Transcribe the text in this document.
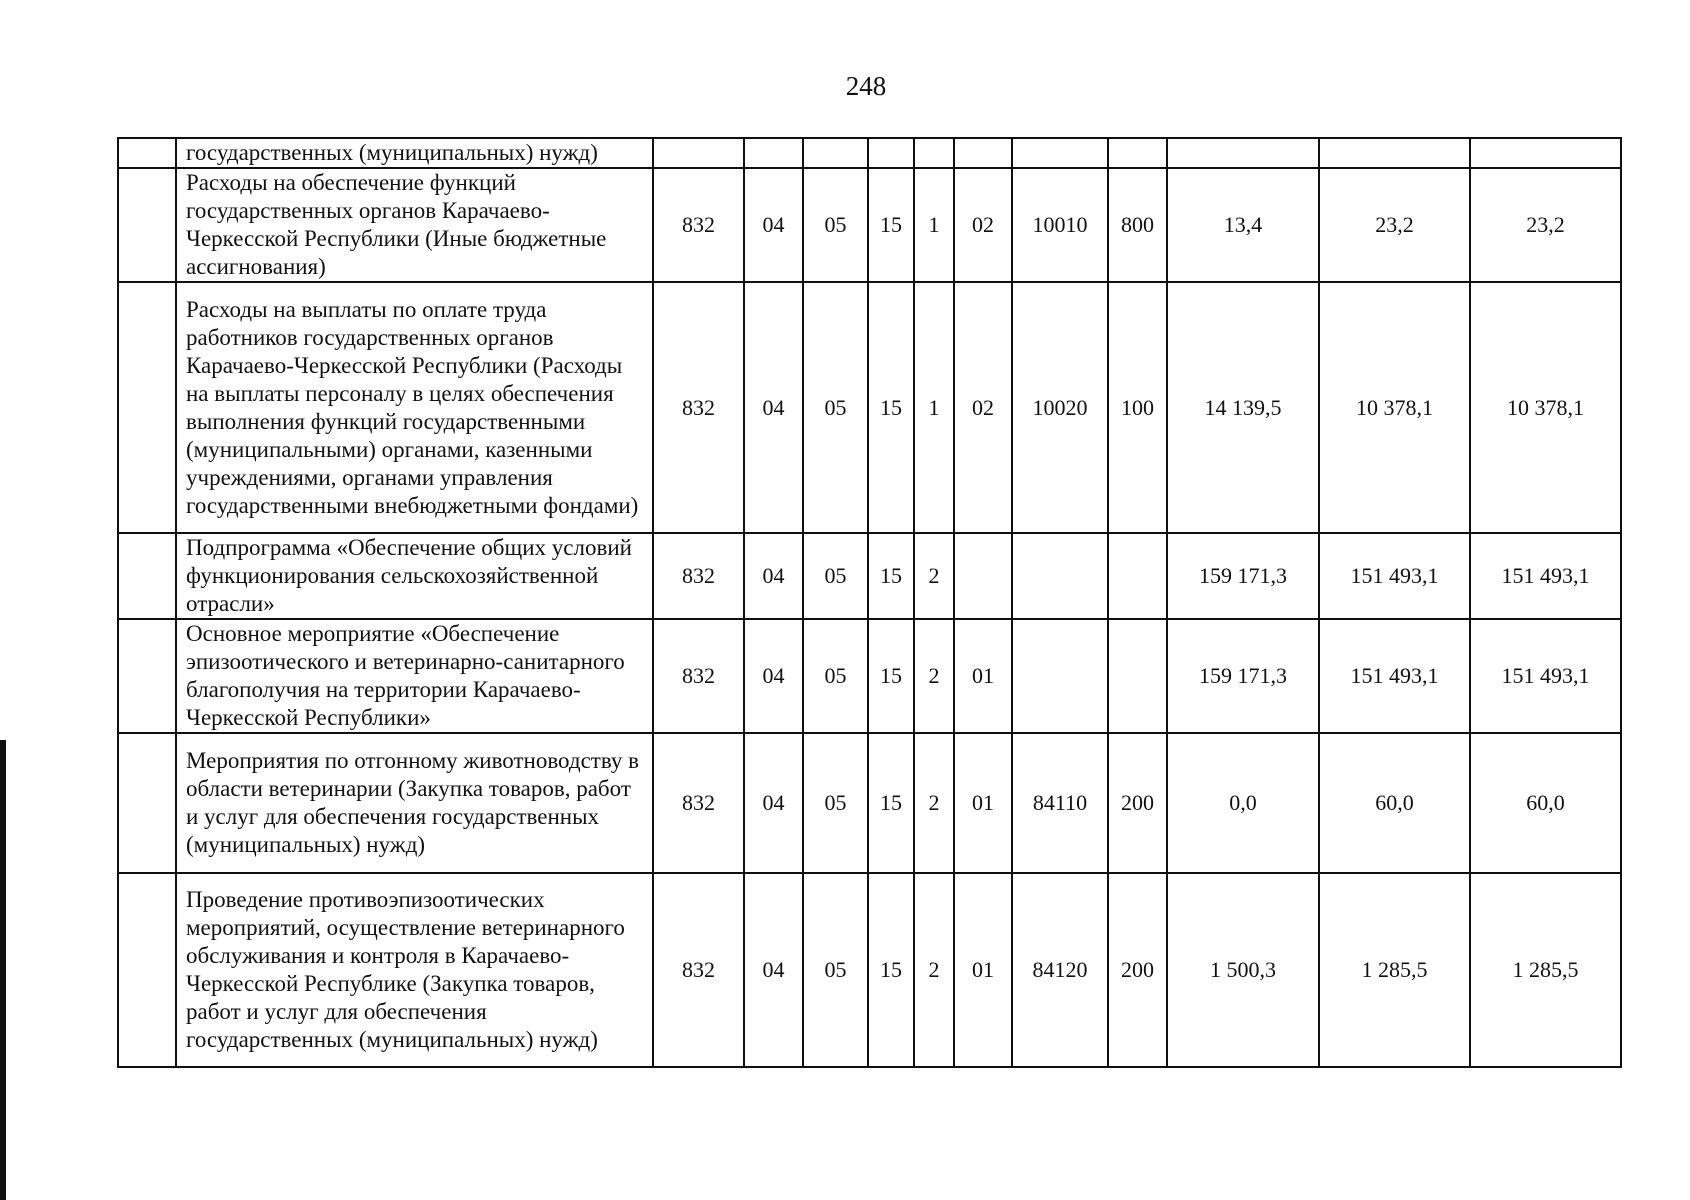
248
	государственных (муниципальных) нужд)											
	Расходы на обеспечение функций государственных органов Карачаево-Черкесской Республики (Иные бюджетные ассигнования)	832	04	05	15	1	02	10010	800	13,4	23,2	23,2
	Расходы на выплаты по оплате труда работников государственных органов Карачаево-Черкесской Республики (Расходы на выплаты персоналу в целях обеспечения выполнения функций государственными (муниципальными) органами, казенными учреждениями, органами управления государственными внебюджетными фондами)	832	04	05	15	1	02	10020	100	14 139,5	10 378,1	10 378,1
	Подпрограмма «Обеспечение общих условий функционирования сельскохозяйственной отрасли»	832	04	05	15	2				159 171,3	151 493,1	151 493,1
	Основное мероприятие «Обеспечение эпизоотического и ветеринарно-санитарного благополучия на территории Карачаево-Черкесской Республики»	832	04	05	15	2	01			159 171,3	151 493,1	151 493,1
	Мероприятия по отгонному животноводству в области ветеринарии (Закупка товаров, работ и услуг для обеспечения государственных (муниципальных) нужд)	832	04	05	15	2	01	84110	200	0,0	60,0	60,0
	Проведение противоэпизоотических мероприятий, осуществление ветеринарного обслуживания и контроля в Карачаево-Черкесской Республике (Закупка товаров, работ и услуг для обеспечения государственных (муниципальных) нужд)	832	04	05	15	2	01	84120	200	1 500,3	1 285,5	1 285,5
